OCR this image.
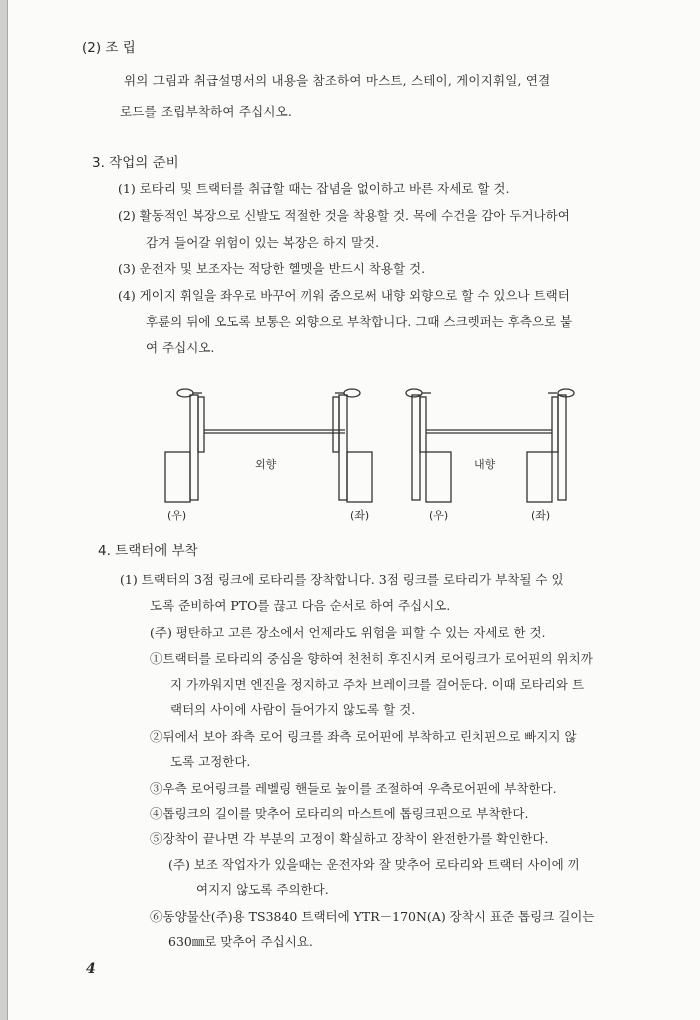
(2) 조 립
위의 그림과 취급설명서의 내용을 참조하여 마스트, 스테이, 게이지휘일, 연결
로드를 조립부착하여 주십시오.
3. 작업의 준비
(1) 로타리 및 트랙터를 취급할 때는 잡념을 없이하고 바른 자세로 할 것.
(2) 활동적인 복장으로 신발도 적절한 것을 착용할 것. 목에 수건을 감아 두거나하여
감겨 들어갈 위험이 있는 복장은 하지 말것.
(3) 운전자 및 보조자는 적당한 헬멧을 반드시 착용할 것.
(4) 게이지 휘일을 좌우로 바꾸어 끼워 줌으로써 내향 외향으로 할 수 있으나 트랙터
후륜의 뒤에 오도록 보통은 외향으로 부착합니다. 그때 스크렛퍼는 후측으로 붙
여 주십시오.
외향	내향
(우)	(좌)	(우)	(좌)
4. 트랙터에 부착
(1) 트랙터의 3점 링크에 로타리를 장착합니다. 3점 링크를 로타리가 부착될 수 있
도록 준비하여 PTO를 끊고 다음 순서로 하여 주십시오.
(주) 평탄하고 고른 장소에서 언제라도 위험을 피할 수 있는 자세로 한 것.
①트랙터를 로타리의 중심을 향하여 천천히 후진시켜 로어링크가 로어핀의 위치까
지 가까워지면 엔진을 정지하고 주차 브레이크를 걸어둔다. 이때 로타리와 트
랙터의 사이에 사람이 들어가지 않도록 할 것.
②뒤에서 보아 좌측 로어 링크를 좌측 로어핀에 부착하고 린치핀으로 빠지지 않
도록 고정한다.
③우측 로어링크를 레벨링 핸들로 높이를 조절하여 우측로어핀에 부착한다.
④톱링크의 길이를 맞추어 로타리의 마스트에 톱링크핀으로 부착한다.
⑤장착이 끝나면 각 부분의 고정이 확실하고 장착이 완전한가를 확인한다.
(주) 보조 작업자가 있을때는 운전자와 잘 맞추어 로타리와 트랙터 사이에 끼
여지지 않도록 주의한다.
⑥동양물산(주)용 TS3840 트랙터에 YTR－170N(A) 장착시 표준 톱링크 길이는
630㎜로 맞추어 주십시요.
4
